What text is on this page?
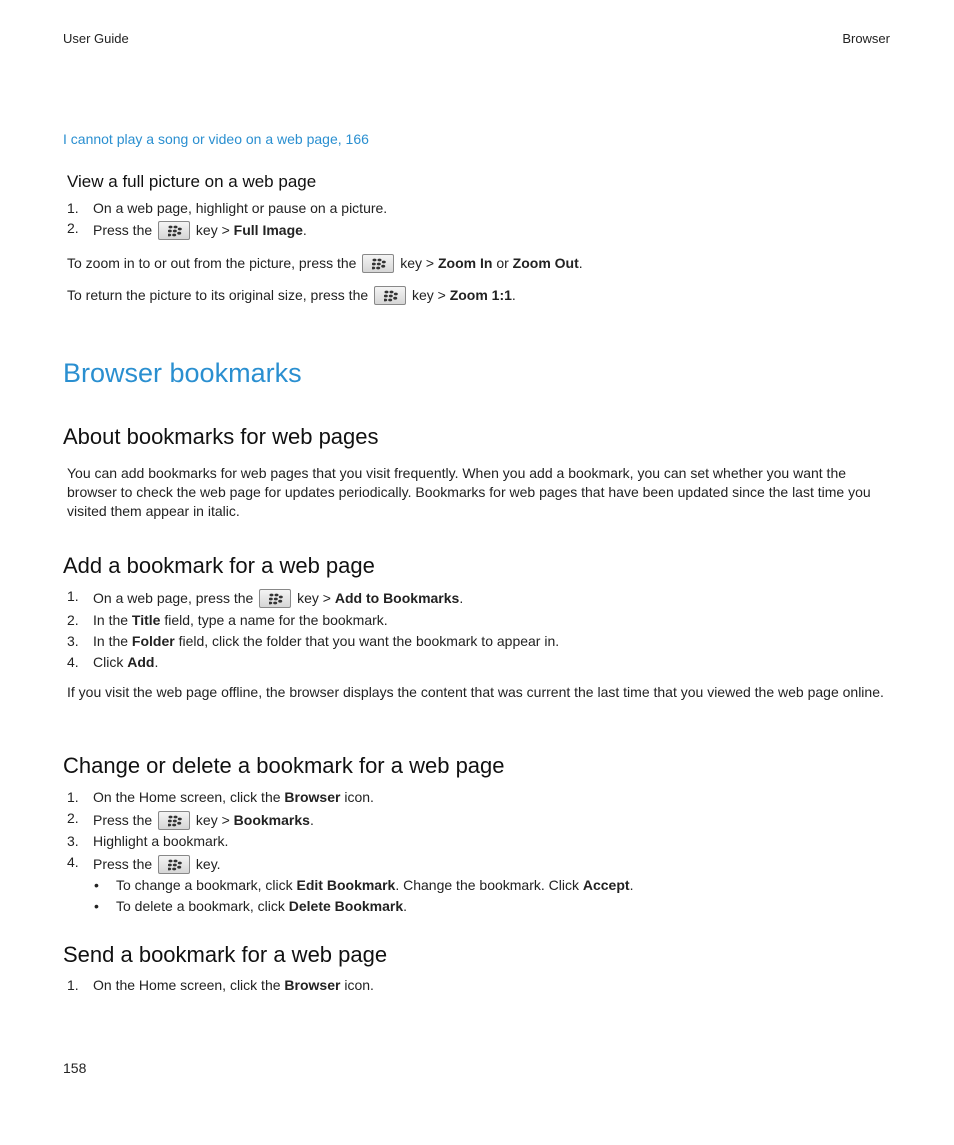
User Guide	Browser
I cannot play a song or video on a web page, 166
View a full picture on a web page
1. On a web page, highlight or pause on a picture.
2. Press the	key > Full Image.
To zoom in to or out from the picture, press the	key > Zoom In or Zoom Out.
To return the picture to its original size, press the	key > Zoom 1:1.
Browser bookmarks
About bookmarks for web pages
You can add bookmarks for web pages that you visit frequently. When you add a bookmark, you can set whether you want the browser to check the web page for updates periodically. Bookmarks for web pages that have been updated since the last time you visited them appear in italic.
Add a bookmark for a web page
1. On a web page, press the	key > Add to Bookmarks.
2. In the Title field, type a name for the bookmark.
3. In the Folder field, click the folder that you want the bookmark to appear in.
4. Click Add.
If you visit the web page offline, the browser displays the content that was current the last time that you viewed the web page online.
Change or delete a bookmark for a web page
1. On the Home screen, click the Browser icon.
2. Press the	key > Bookmarks.
3. Highlight a bookmark.
4. Press the	key.
• To change a bookmark, click Edit Bookmark. Change the bookmark. Click Accept.
• To delete a bookmark, click Delete Bookmark.
Send a bookmark for a web page
1. On the Home screen, click the Browser icon.
158
